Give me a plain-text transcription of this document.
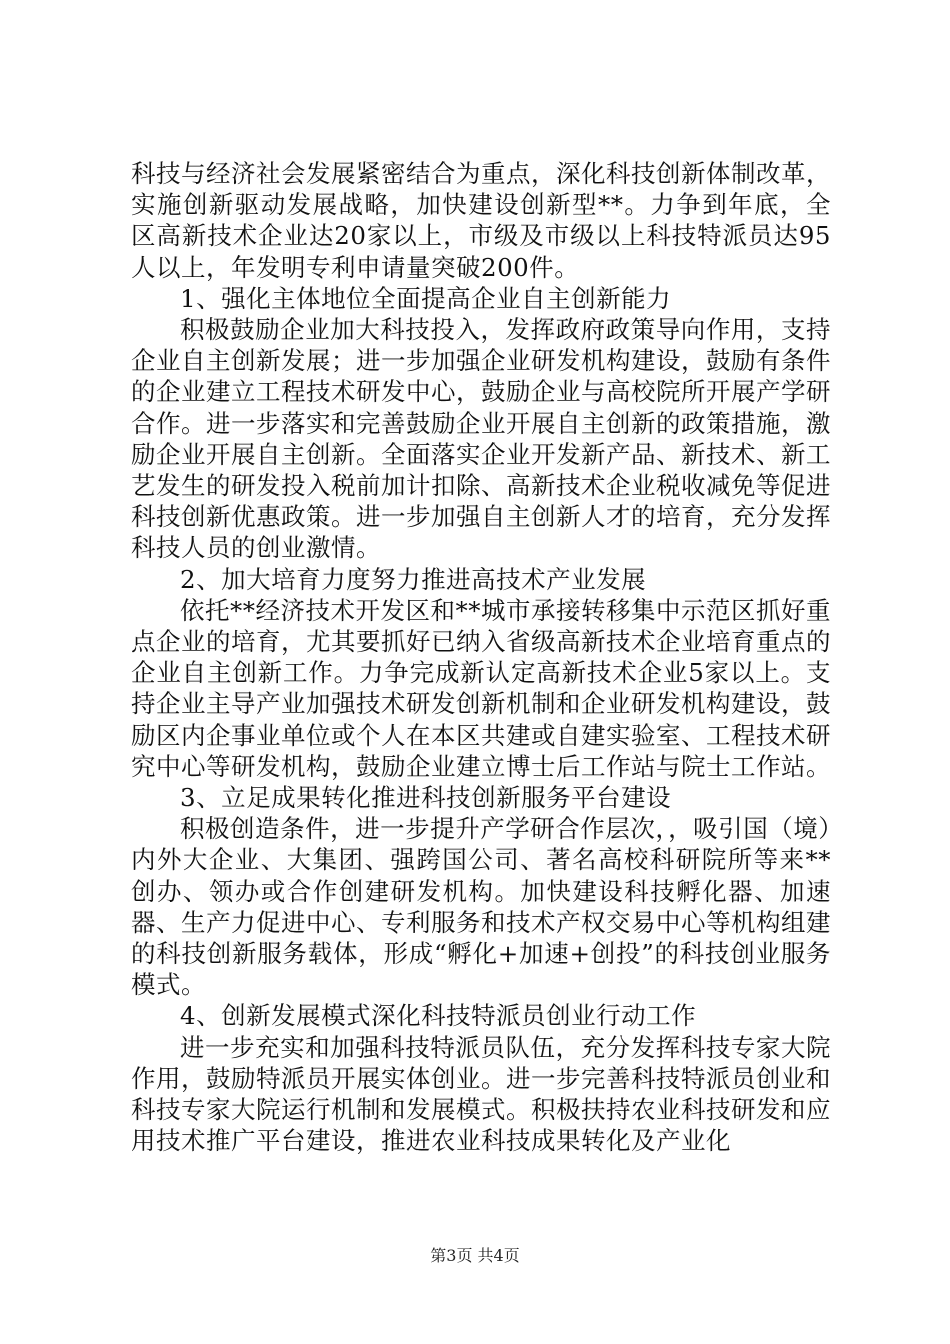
科技与经济社会发展紧密结合为重点，深化科技创新体制改革，实施创新驱动发展战略，加快建设创新型**。力争到年底，全区高新技术企业达20家以上，市级及市级以上科技特派员达95人以上，年发明专利申请量突破200件。

1、强化主体地位全面提高企业自主创新能力

积极鼓励企业加大科技投入，发挥政府政策导向作用，支持企业自主创新发展；进一步加强企业研发机构建设，鼓励有条件的企业建立工程技术研发中心，鼓励企业与高校院所开展产学研合作。进一步落实和完善鼓励企业开展自主创新的政策措施，激励企业开展自主创新。全面落实企业开发新产品、新技术、新工艺发生的研发投入税前加计扣除、高新技术企业税收减免等促进科技创新优惠政策。进一步加强自主创新人才的培育，充分发挥科技人员的创业激情。

2、加大培育力度努力推进高技术产业发展

依托**经济技术开发区和**城市承接转移集中示范区抓好重点企业的培育，尤其要抓好已纳入省级高新技术企业培育重点的企业自主创新工作。力争完成新认定高新技术企业5家以上。支持企业主导产业加强技术研发创新机制和企业研发机构建设，鼓励区内企事业单位或个人在本区共建或自建实验室、工程技术研究中心等研发机构，鼓励企业建立博士后工作站与院士工作站。

3、立足成果转化推进科技创新服务平台建设

积极创造条件，进一步提升产学研合作层次，，吸引国（境）内外大企业、大集团、强跨国公司、著名高校科研院所等来**创办、领办或合作创建研发机构。加快建设科技孵化器、加速器、生产力促进中心、专利服务和技术产权交易中心等机构组建的科技创新服务载体，形成“孵化+加速+创投”的科技创业服务模式。

4、创新发展模式深化科技特派员创业行动工作

进一步充实和加强科技特派员队伍，充分发挥科技专家大院作用，鼓励特派员开展实体创业。进一步完善科技特派员创业和科技专家大院运行机制和发展模式。积极扶持农业科技研发和应用技术推广平台建设，推进农业科技成果转化及产业化

第3页 共4页
